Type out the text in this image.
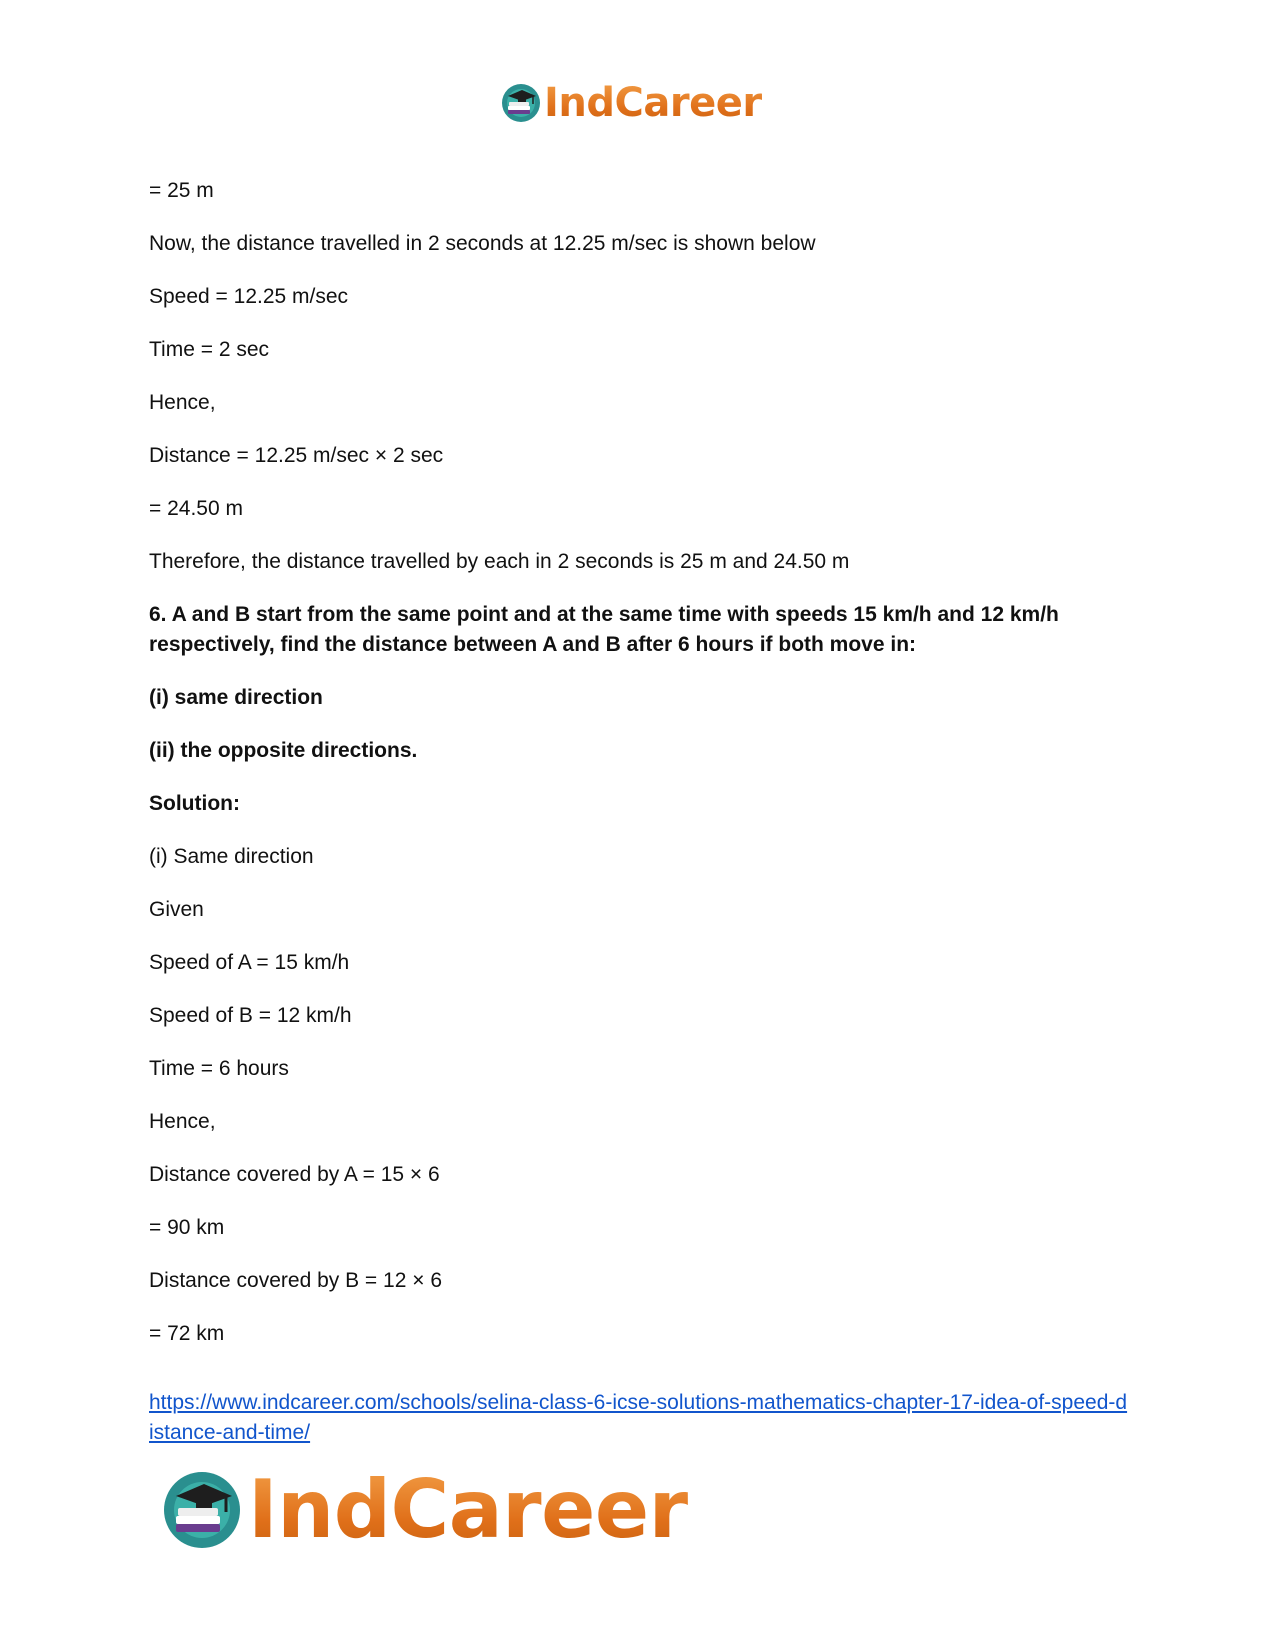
IndCareer

= 25 m

Now, the distance travelled in 2 seconds at 12.25 m/sec is shown below

Speed = 12.25 m/sec

Time = 2 sec

Hence,

Distance = 12.25 m/sec × 2 sec

= 24.50 m

Therefore, the distance travelled by each in 2 seconds is 25 m and 24.50 m

6. A and B start from the same point and at the same time with speeds 15 km/h and 12 km/h respectively, find the distance between A and B after 6 hours if both move in:

(i) same direction

(ii) the opposite directions.

Solution:

(i) Same direction

Given

Speed of A = 15 km/h

Speed of B = 12 km/h

Time = 6 hours

Hence,

Distance covered by A = 15 × 6

= 90 km

Distance covered by B = 12 × 6

= 72 km

https://www.indcareer.com/schools/selina-class-6-icse-solutions-mathematics-chapter-17-idea-of-speed-distance-and-time/
IndCareer
